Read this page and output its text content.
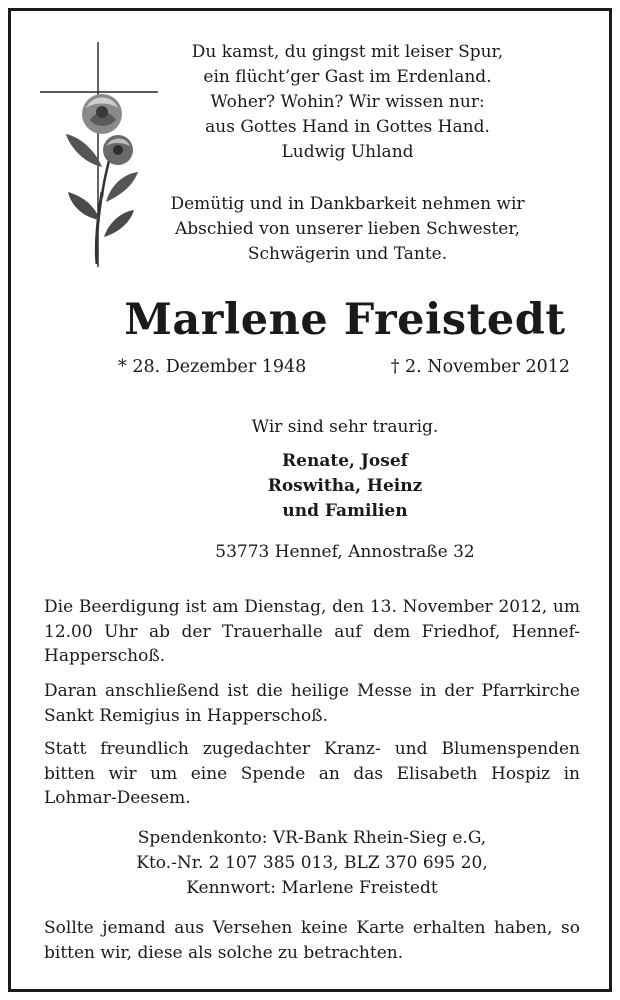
Du kamst, du gingst mit leiser Spur,
ein flücht’ger Gast im Erdenland.
Woher? Wohin? Wir wissen nur:
aus Gottes Hand in Gottes Hand.
Ludwig Uhland
Demütig und in Dankbarkeit nehmen wir
Abschied von unserer lieben Schwester,
Schwägerin und Tante.
Marlene Freistedt
* 28. Dezember 1948	† 2. November 2012
Wir sind sehr traurig.
Renate, Josef
Roswitha, Heinz
und Familien
53773 Hennef, Annostraße 32
Die Beerdigung ist am Dienstag, den 13. November 2012, um 12.00 Uhr ab der Trauerhalle auf dem Friedhof, Hennef-Happerschoß.
Daran anschließend ist die heilige Messe in der Pfarrkirche Sankt Remigius in Happerschoß.
Statt freundlich zugedachter Kranz- und Blumenspenden bitten wir um eine Spende an das Elisabeth Hospiz in Lohmar-Deesem.
Spendenkonto: VR-Bank Rhein-Sieg e.G,
Kto.-Nr. 2 107 385 013, BLZ 370 695 20,
Kennwort: Marlene Freistedt
Sollte jemand aus Versehen keine Karte erhalten haben, so bitten wir, diese als solche zu betrachten.
